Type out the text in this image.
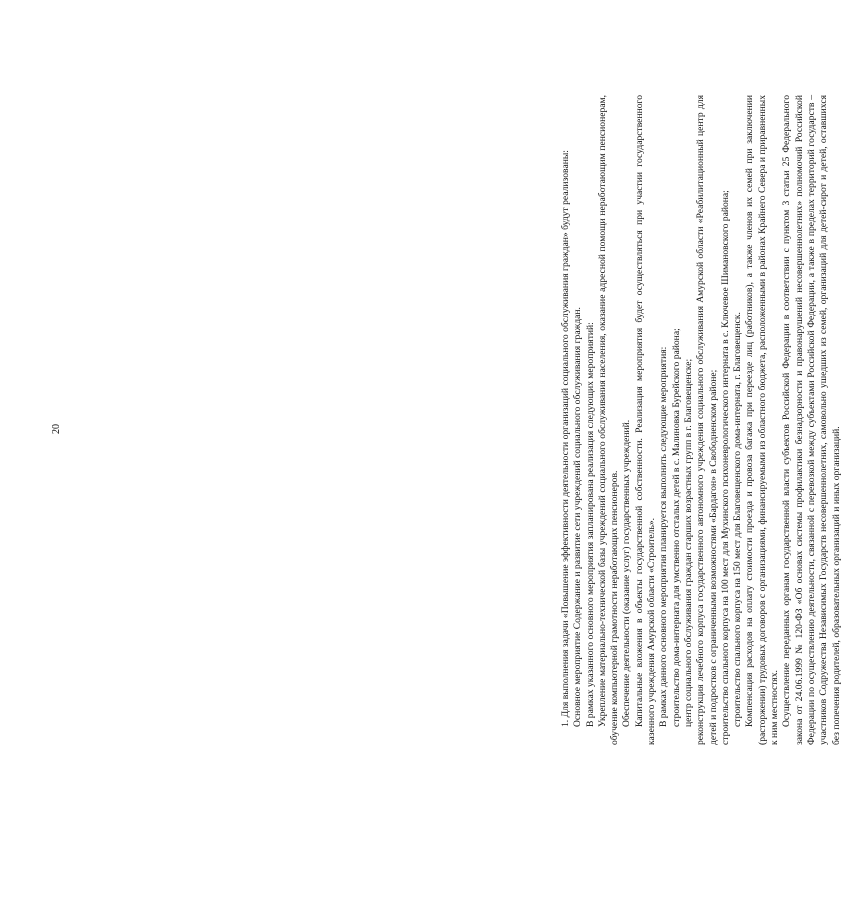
20	1. Для выполнения задачи «Повышение эффективности деятельности организаций социального обслуживания граждан» будут реализованы: Основное мероприятие Содержание и развитие сети учреждений социального обслуживания граждан. В рамках указанного основного мероприятия запланирована реализация следующих мероприятий: Укрепление материально-технической базы учреждений социального обслуживания населения, оказание адресной помощи неработающим пенсионерам, обучение компьютерной грамотности неработающих пенсионеров. Обеспечение деятельности (оказание услуг) государственных учреждений. Капитальные вложения в объекты государственной собственности. Реализация мероприятия будет осуществляться при участии государственного казенного учреждения Амурской области «Строитель». В рамках данного основного мероприятия планируется выполнить следующие мероприятия: строительство дома-интерната для умственно отсталых детей в с. Малиновка Бурейского района; центр социального обслуживания граждан старших возрастных групп в г. Благовещенске; реконструкция лечебного корпуса государственного автономного учреждения социального обслуживания Амурской области «Реабилитационный центр для детей и подростков с ограниченными возможностями «Бардагон» в Свободненском районе; строительство спального корпуса на 100 мест для Мухинского психоневрологического интерната в с. Ключевое Шимановского района; строительство спального корпуса на 150 мест для Благовещенского дома-интерната, г. Благовещенск. Компенсация расходов на оплату стоимости проезда и провоза багажа при переезде лиц (работников), а также членов их семей при заключении (расторжении) трудовых договоров с организациями, финансируемыми из областного бюджета, расположенными в районах Крайнего Севера и приравненных к ним местностях. Осуществление переданных органам государственной власти субъектов Российской Федерации в соответствии с пунктом 3 статьи 25 Федерального закона от 24.06.1999 № 120-ФЗ «Об основах системы профилактики безнадзорности и правонарушений несовершеннолетних» полномочий Российской Федерации по осуществлению деятельности, связанной с перевозкой между субъектами Российской Федерации, а также в пределах территорий государств – участников Содружества Независимых Государств несовершеннолетних, самовольно ушедших из семей, организаций для детей-сирот и детей, оставшихся без попечения родителей, образовательных организаций и иных организаций.
